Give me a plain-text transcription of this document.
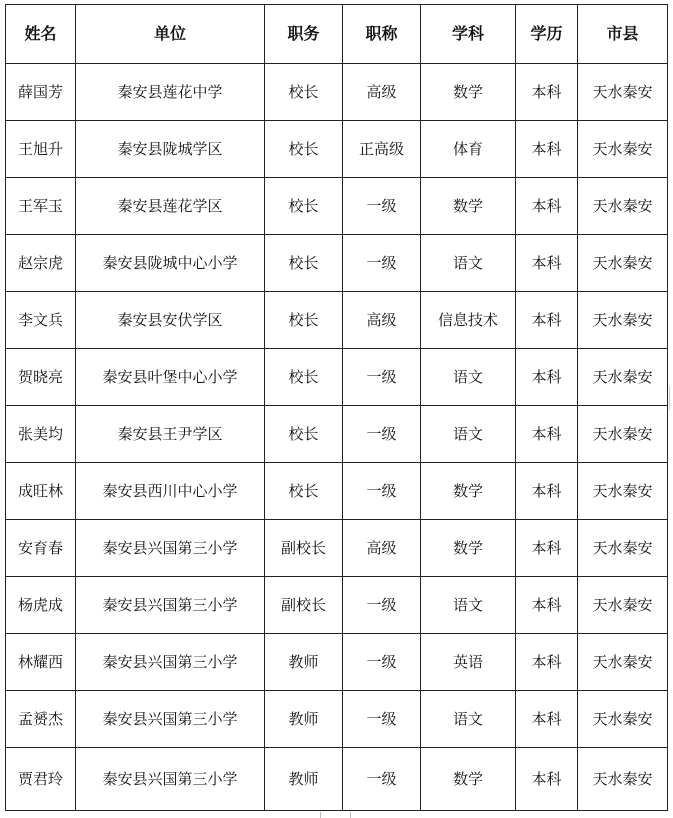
姓名	单位	职务	职称	学科	学历	市县
薛国芳	秦安县莲花中学	校长	高级	数学	本科	天水秦安
王旭升	秦安县陇城学区	校长	正高级	体育	本科	天水秦安
王军玉	秦安县莲花学区	校长	一级	数学	本科	天水秦安
赵宗虎	秦安县陇城中心小学	校长	一级	语文	本科	天水秦安
李文兵	秦安县安伏学区	校长	高级	信息技术	本科	天水秦安
贺晓亮	秦安县叶堡中心小学	校长	一级	语文	本科	天水秦安
张美均	秦安县王尹学区	校长	一级	语文	本科	天水秦安
成旺林	秦安县西川中心小学	校长	一级	数学	本科	天水秦安
安育春	秦安县兴国第三小学	副校长	高级	数学	本科	天水秦安
杨虎成	秦安县兴国第三小学	副校长	一级	语文	本科	天水秦安
林耀西	秦安县兴国第三小学	教师	一级	英语	本科	天水秦安
孟赟杰	秦安县兴国第三小学	教师	一级	语文	本科	天水秦安
贾君玲	秦安县兴国第三小学	教师	一级	数学	本科	天水秦安
